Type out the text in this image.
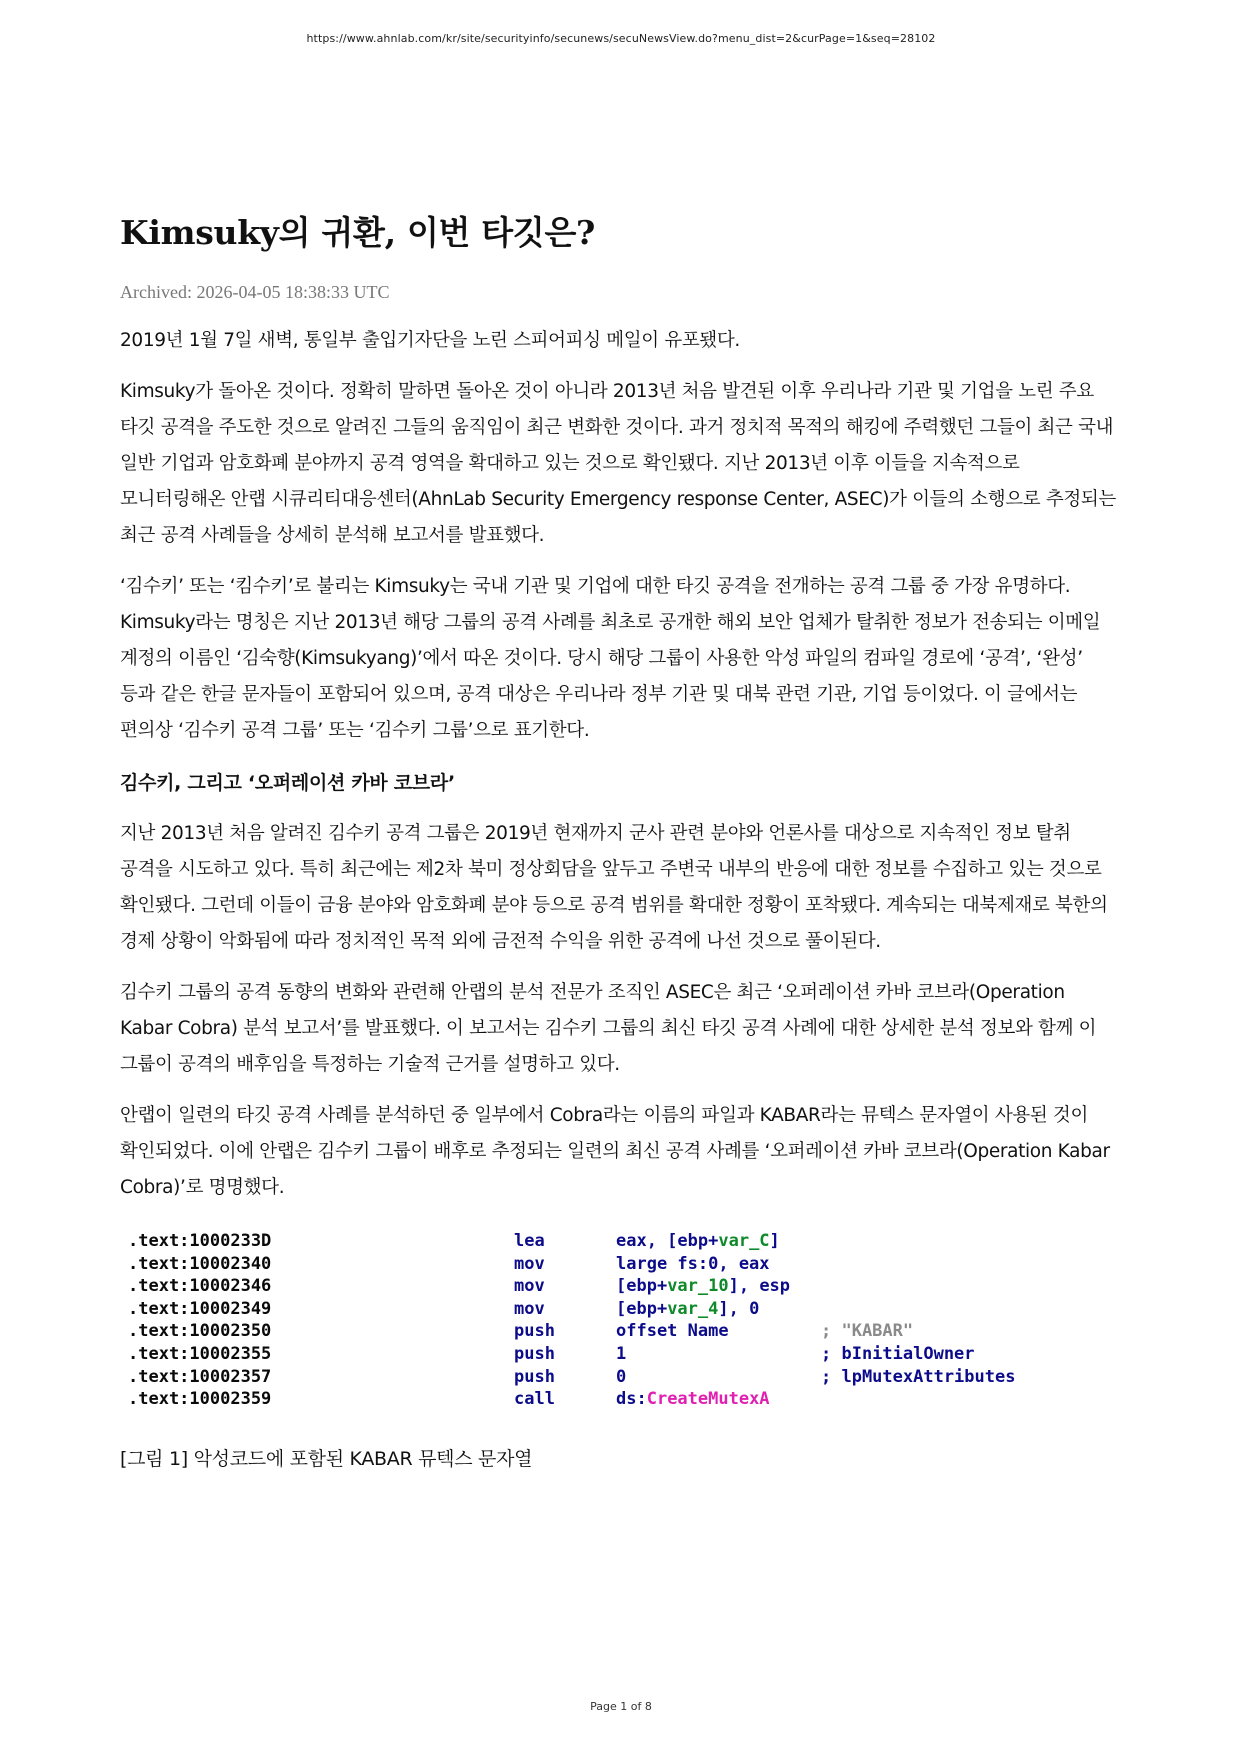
https://www.ahnlab.com/kr/site/securityinfo/secunews/secuNewsView.do?menu_dist=2&curPage=1&seq=28102
Kimsuky의 귀환, 이번 타깃은?
Archived: 2026-04-05 18:38:33 UTC

2019년 1월 7일 새벽, 통일부 출입기자단을 노린 스피어피싱 메일이 유포됐다.

Kimsuky가 돌아온 것이다. 정확히 말하면 돌아온 것이 아니라 2013년 처음 발견된 이후 우리나라 기관 및 기업을 노린 주요 타깃 공격을 주도한 것으로 알려진 그들의 움직임이 최근 변화한 것이다. 과거 정치적 목적의 해킹에 주력했던 그들이 최근 국내 일반 기업과 암호화폐 분야까지 공격 영역을 확대하고 있는 것으로 확인됐다. 지난 2013년 이후 이들을 지속적으로 모니터링해온 안랩 시큐리티대응센터(AhnLab Security Emergency response Center, ASEC)가 이들의 소행으로 추정되는 최근 공격 사례들을 상세히 분석해 보고서를 발표했다.

‘김수키’ 또는 ‘킴수키’로 불리는 Kimsuky는 국내 기관 및 기업에 대한 타깃 공격을 전개하는 공격 그룹 중 가장 유명하다. Kimsuky라는 명칭은 지난 2013년 해당 그룹의 공격 사례를 최초로 공개한 해외 보안 업체가 탈취한 정보가 전송되는 이메일 계정의 이름인 ‘김숙향(Kimsukyang)’에서 따온 것이다. 당시 해당 그룹이 사용한 악성 파일의 컴파일 경로에 ‘공격’, ‘완성’ 등과 같은 한글 문자들이 포함되어 있으며, 공격 대상은 우리나라 정부 기관 및 대북 관련 기관, 기업 등이었다. 이 글에서는 편의상 ‘김수키 공격 그룹’ 또는 ‘김수키 그룹’으로 표기한다.

김수키, 그리고 ‘오퍼레이션 카바 코브라’

지난 2013년 처음 알려진 김수키 공격 그룹은 2019년 현재까지 군사 관련 분야와 언론사를 대상으로 지속적인 정보 탈취 공격을 시도하고 있다. 특히 최근에는 제2차 북미 정상회담을 앞두고 주변국 내부의 반응에 대한 정보를 수집하고 있는 것으로 확인됐다. 그런데 이들이 금융 분야와 암호화폐 분야 등으로 공격 범위를 확대한 정황이 포착됐다. 계속되는 대북제재로 북한의 경제 상황이 악화됨에 따라 정치적인 목적 외에 금전적 수익을 위한 공격에 나선 것으로 풀이된다.

김수키 그룹의 공격 동향의 변화와 관련해 안랩의 분석 전문가 조직인 ASEC은 최근 ‘오퍼레이션 카바 코브라(Operation Kabar Cobra) 분석 보고서’를 발표했다. 이 보고서는 김수키 그룹의 최신 타깃 공격 사례에 대한 상세한 분석 정보와 함께 이 그룹이 공격의 배후임을 특정하는 기술적 근거를 설명하고 있다.

안랩이 일련의 타깃 공격 사례를 분석하던 중 일부에서 Cobra라는 이름의 파일과 KABAR라는 뮤텍스 문자열이 사용된 것이 확인되었다. 이에 안랩은 김수키 그룹이 배후로 추정되는 일련의 최신 공격 사례를 ‘오퍼레이션 카바 코브라(Operation Kabar Cobra)’로 명명했다.

.text:1000233D	lea	eax, [ebp+var_C]
.text:10002340	mov	large fs:0, eax
.text:10002346	mov	[ebp+var_10], esp
.text:10002349	mov	[ebp+var_4], 0
.text:10002350	push	offset Name	; "KABAR"
.text:10002355	push	1	; bInitialOwner
.text:10002357	push	0	; lpMutexAttributes
.text:10002359	call	ds:CreateMutexA
[그림 1] 악성코드에 포함된 KABAR 뮤텍스 문자열
Page 1 of 8
